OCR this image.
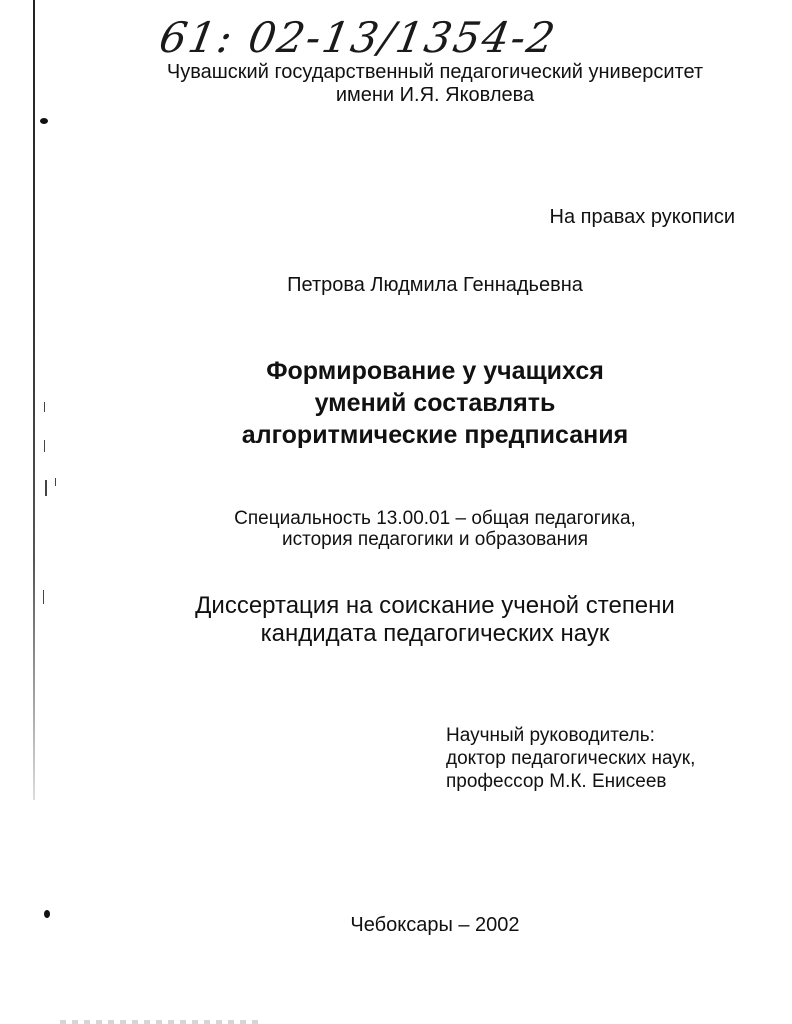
61: 02-13/1354-2
Чувашский государственный педагогический университет
имени И.Я. Яковлева
На правах рукописи
Петрова Людмила Геннадьевна
Формирование у учащихся
умений составлять
алгоритмические предписания
Специальность 13.00.01 – общая педагогика,
история педагогики и образования
Диссертация на соискание ученой степени
кандидата педагогических наук
Научный руководитель:
доктор педагогических наук,
профессор М.К. Енисеев
Чебоксары – 2002
